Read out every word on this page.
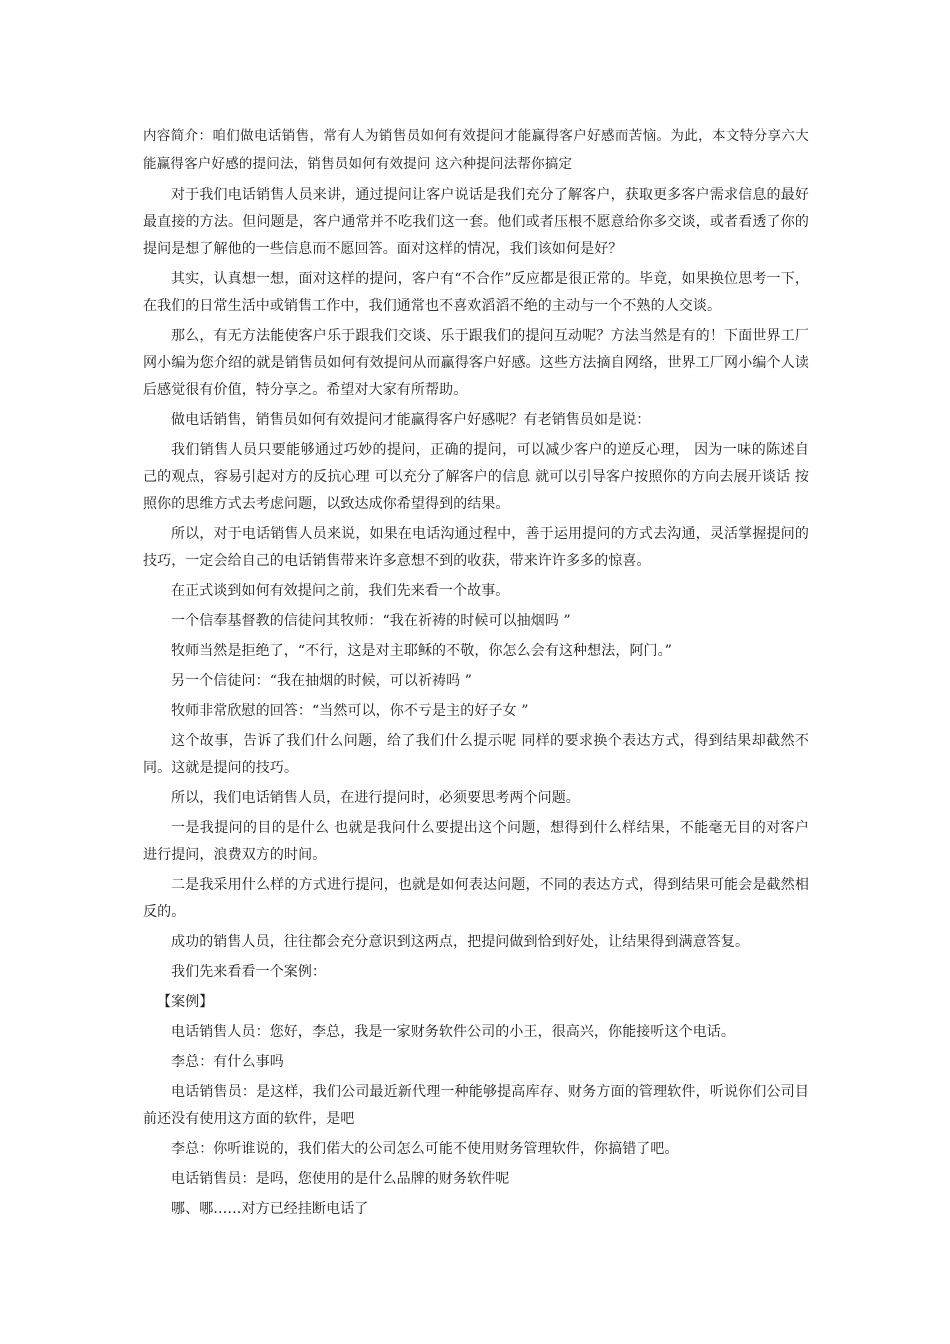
内容简介：咱们做电话销售，常有人为销售员如何有效提问才能赢得客户好感而苦恼。为此，本文特分享六大能赢得客户好感的提问法，销售员如何有效提问 这六种提问法帮你搞定

对于我们电话销售人员来讲，通过提问让客户说话是我们充分了解客户，获取更多客户需求信息的最好最直接的方法。但问题是，客户通常并不吃我们这一套。他们或者压根不愿意给你多交谈，或者看透了你的提问是想了解他的一些信息而不愿回答。面对这样的情况，我们该如何是好？

其实，认真想一想，面对这样的提问，客户有“不合作”反应都是很正常的。毕竟，如果换位思考一下，在我们的日常生活中或销售工作中，我们通常也不喜欢滔滔不绝的主动与一个不熟的人交谈。

那么，有无方法能使客户乐于跟我们交谈、乐于跟我们的提问互动呢？方法当然是有的！下面世界工厂网小编为您介绍的就是销售员如何有效提问从而赢得客户好感。这些方法摘自网络，世界工厂网小编个人读后感觉很有价值，特分享之。希望对大家有所帮助。

做电话销售，销售员如何有效提问才能赢得客户好感呢？有老销售员如是说：

我们销售人员只要能够通过巧妙的提问，正确的提问，可以减少客户的逆反心理， 因为一味的陈述自己的观点，容易引起对方的反抗心理 可以充分了解客户的信息 就可以引导客户按照你的方向去展开谈话 按照你的思维方式去考虑问题，以致达成你希望得到的结果。

所以，对于电话销售人员来说，如果在电话沟通过程中，善于运用提问的方式去沟通，灵活掌握提问的技巧，一定会给自己的电话销售带来许多意想不到的收获，带来许许多多的惊喜。

在正式谈到如何有效提问之前，我们先来看一个故事。

一个信奉基督教的信徒问其牧师：“我在祈祷的时候可以抽烟吗 ”

牧师当然是拒绝了，“不行，这是对主耶稣的不敬，你怎么会有这种想法，阿门。”

另一个信徒问：“我在抽烟的时候，可以祈祷吗 ”

牧师非常欣慰的回答：“当然可以，你不亏是主的好子女 ”

这个故事，告诉了我们什么问题，给了我们什么提示呢 同样的要求换个表达方式，得到结果却截然不同。这就是提问的技巧。

所以，我们电话销售人员，在进行提问时，必须要思考两个问题。

一是我提问的目的是什么 也就是我问什么要提出这个问题，想得到什么样结果，不能毫无目的对客户进行提问，浪费双方的时间。

二是我采用什么样的方式进行提问，也就是如何表达问题，不同的表达方式，得到结果可能会是截然相反的。

成功的销售人员，往往都会充分意识到这两点，把提问做到恰到好处，让结果得到满意答复。

我们先来看看一个案例：

【案例】

电话销售人员：您好，李总，我是一家财务软件公司的小王，很高兴，你能接听这个电话。

李总：有什么事吗

电话销售员：是这样，我们公司最近新代理一种能够提高库存、财务方面的管理软件，听说你们公司目前还没有使用这方面的软件，是吧

李总：你听谁说的，我们偌大的公司怎么可能不使用财务管理软件，你搞错了吧。

电话销售员：是吗，您使用的是什么品牌的财务软件呢

哪、哪……对方已经挂断电话了
